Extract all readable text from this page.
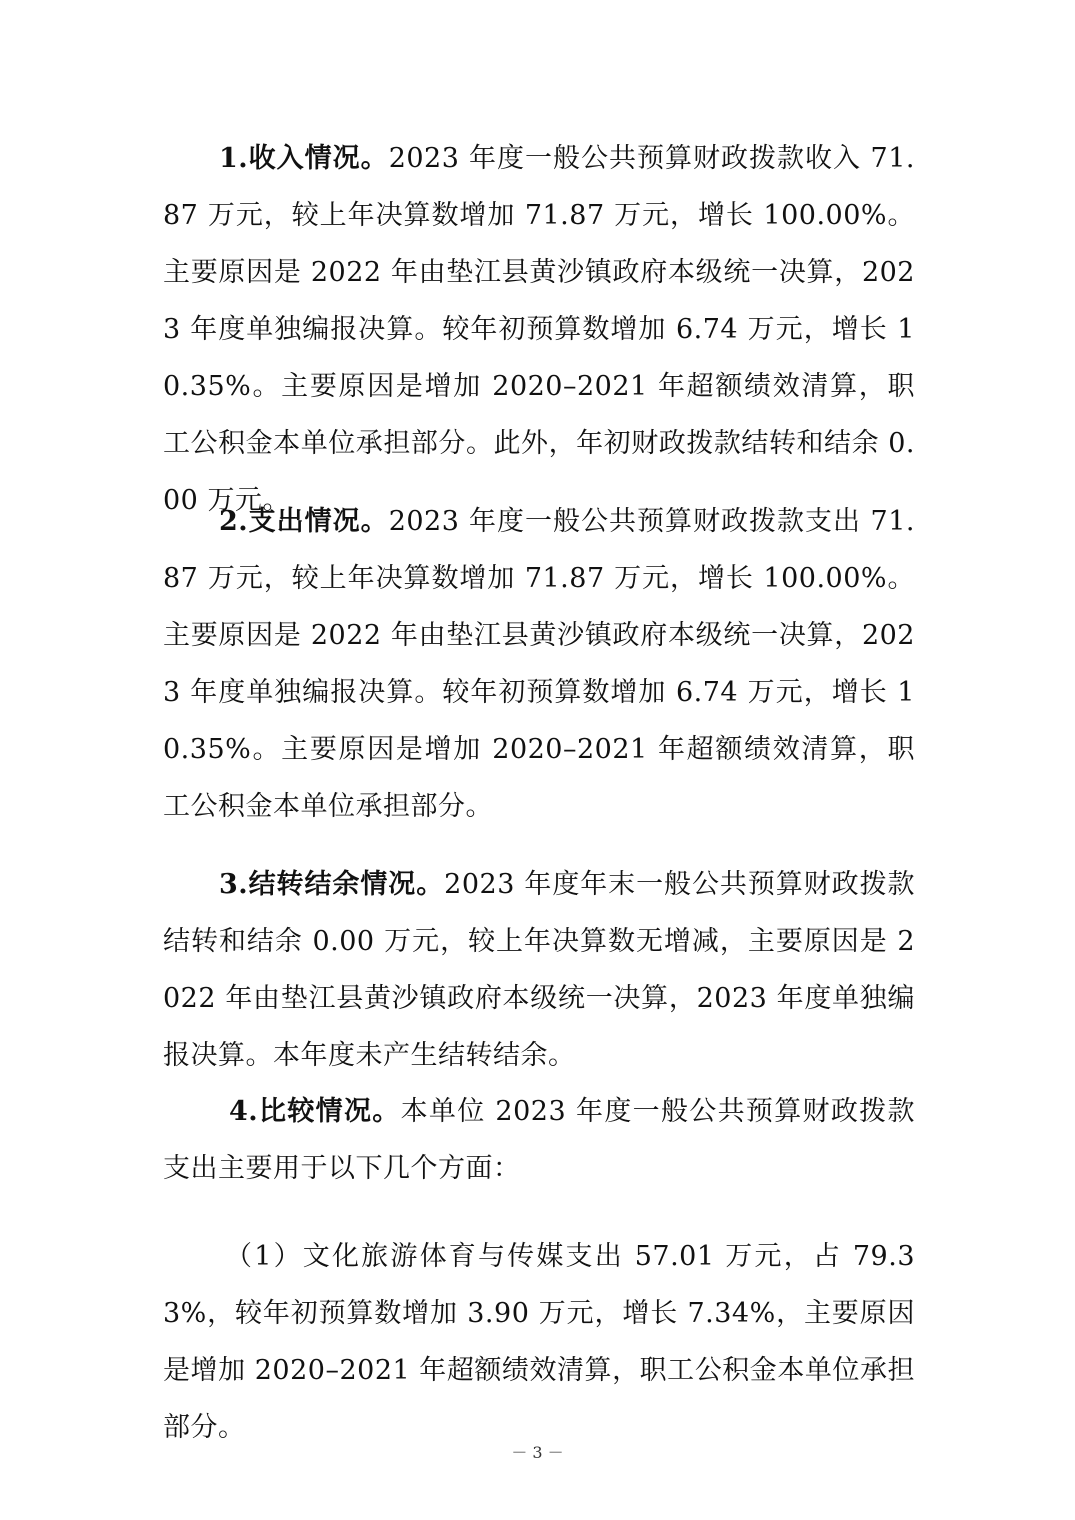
1.收入情况。2023 年度一般公共预算财政拨款收入 71.87 万元，较上年决算数增加 71.87 万元，增长 100.00%。主要原因是 2022 年由垫江县黄沙镇政府本级统一决算，2023 年度单独编报决算。较年初预算数增加 6.74 万元，增长 10.35%。主要原因是增加 2020–2021 年超额绩效清算，职工公积金本单位承担部分。此外，年初财政拨款结转和结余 0.00 万元。

2.支出情况。2023 年度一般公共预算财政拨款支出 71.87 万元，较上年决算数增加 71.87 万元，增长 100.00%。主要原因是 2022 年由垫江县黄沙镇政府本级统一决算，2023 年度单独编报决算。较年初预算数增加 6.74 万元，增长 10.35%。主要原因是增加 2020–2021 年超额绩效清算，职工公积金本单位承担部分。

3.结转结余情况。2023 年度年末一般公共预算财政拨款结转和结余 0.00 万元，较上年决算数无增减，主要原因是 2022 年由垫江县黄沙镇政府本级统一决算，2023 年度单独编报决算。本年度未产生结转结余。

4.比较情况。本单位 2023 年度一般公共预算财政拨款支出主要用于以下几个方面：

（1）文化旅游体育与传媒支出 57.01 万元，占 79.33%，较年初预算数增加 3.90 万元，增长 7.34%，主要原因是增加 2020–2021 年超额绩效清算，职工公积金本单位承担部分。

－ 3 －
